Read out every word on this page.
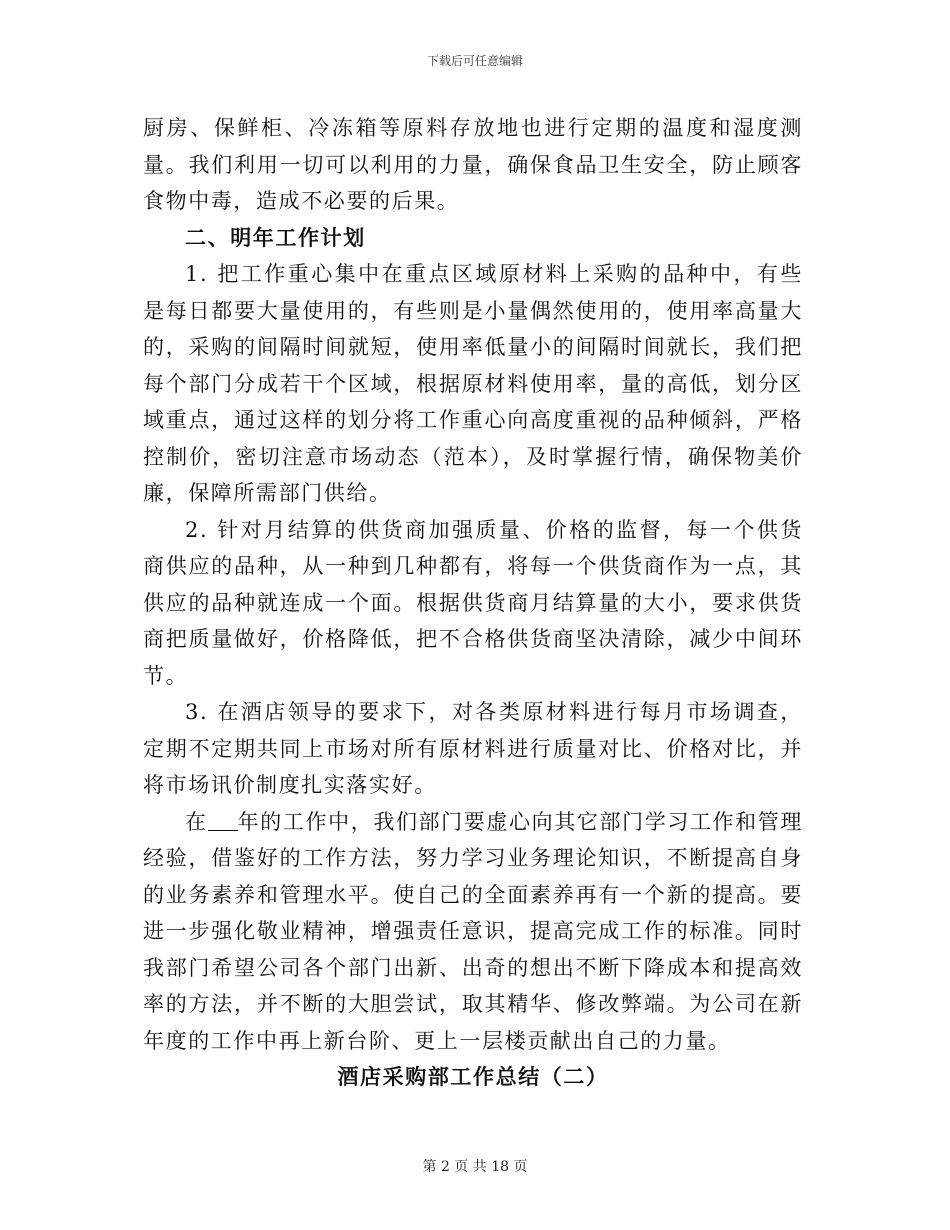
下载后可任意编辑

厨房、保鲜柜、冷冻箱等原料存放地也进行定期的温度和湿度测量。我们利用一切可以利用的力量，确保食品卫生安全，防止顾客食物中毒，造成不必要的后果。

二、明年工作计划

1. 把工作重心集中在重点区域原材料上采购的品种中，有些是每日都要大量使用的，有些则是小量偶然使用的，使用率高量大的，采购的间隔时间就短，使用率低量小的间隔时间就长，我们把每个部门分成若干个区域，根据原材料使用率，量的高低，划分区域重点，通过这样的划分将工作重心向高度重视的品种倾斜，严格控制价，密切注意市场动态（范本），及时掌握行情，确保物美价廉，保障所需部门供给。

2. 针对月结算的供货商加强质量、价格的监督，每一个供货商供应的品种，从一种到几种都有，将每一个供货商作为一点，其供应的品种就连成一个面。根据供货商月结算量的大小，要求供货商把质量做好，价格降低，把不合格供货商坚决清除，减少中间环节。

3. 在酒店领导的要求下，对各类原材料进行每月市场调查，定期不定期共同上市场对所有原材料进行质量对比、价格对比，并将市场讯价制度扎实落实好。

在 年的工作中，我们部门要虚心向其它部门学习工作和管理经验，借鉴好的工作方法，努力学习业务理论知识，不断提高自身的业务素养和管理水平。使自己的全面素养再有一个新的提高。要进一步强化敬业精神，增强责任意识，提高完成工作的标准。同时我部门希望公司各个部门出新、出奇的想出不断下降成本和提高效率的方法，并不断的大胆尝试，取其精华、修改弊端。为公司在新年度的工作中再上新台阶、更上一层楼贡献出自己的力量。

酒店采购部工作总结（二）

第 2 页 共 18 页
